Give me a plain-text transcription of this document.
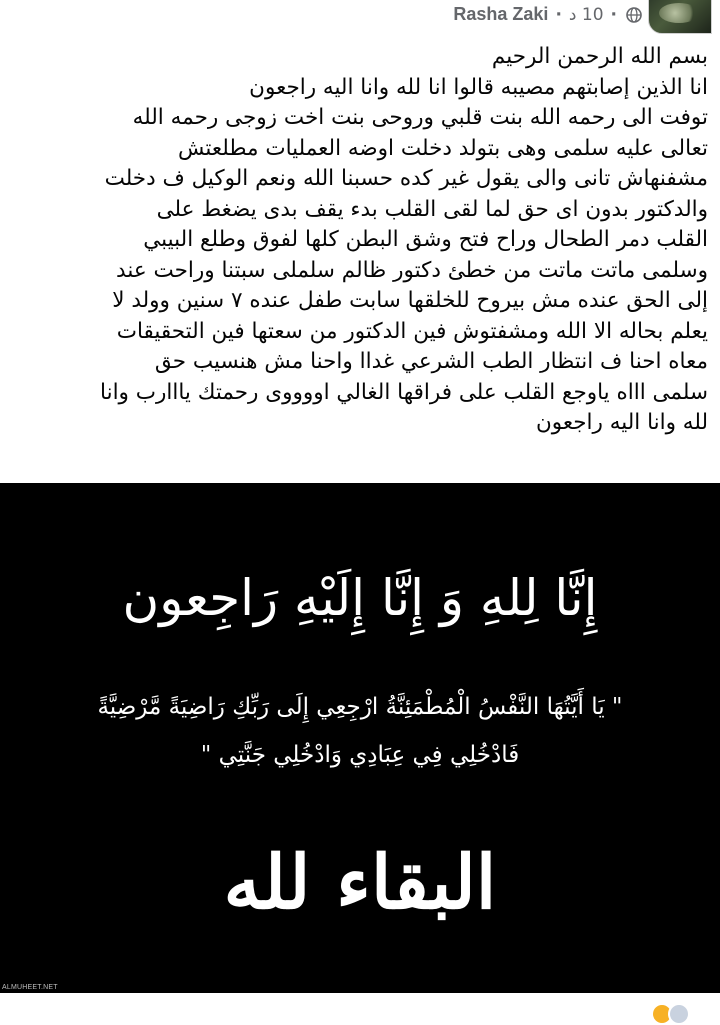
Rasha Zaki · 10 د ·
بسم الله الرحمن الرحيم
انا الذين إصابتهم مصيبه قالوا انا لله وانا اليه راجعون
توفت الى رحمه الله بنت قلبي وروحى بنت اخت زوجى رحمه الله
تعالى عليه سلمى وهى بتولد دخلت اوضه العمليات مطلعتش
مشفنهاش تانى والى يقول غير كده حسبنا الله ونعم الوكيل ف دخلت
والدكتور بدون اى حق لما لقى القلب بدء يقف بدى يضغط على
القلب دمر الطحال وراح فتح وشق البطن كلها لفوق وطلع البيبي
وسلمى ماتت ماتت من خطئ دكتور ظالم سلملى سبتنا وراحت عند
إلى الحق عنده مش بيروح للخلقها سابت طفل عنده ٧ سنين وولد لا
يعلم بحاله الا الله ومشفتوش فين الدكتور من سعتها فين التحقيقات
معاه احنا ف انتظار الطب الشرعي غداا واحنا مش هنسيب حق
سلمى اااه ياوجع القلب على فراقها الغالي اووووى رحمتك يااارب وانا
لله وانا اليه راجعون
إِنَّا لِلهِ وَ إِنَّا إِلَيْهِ رَاجِعون
" يَا أَيَّتُهَا النَّفْسُ الْمُطْمَئِنَّةُ ارْجِعِي إِلَى رَبِّكِ رَاضِيَةً مَّرْضِيَّةً
فَادْخُلِي فِي عِبَادِي وَادْخُلِي جَنَّتِي "
البقاء لله
ALMUHEET.NET
